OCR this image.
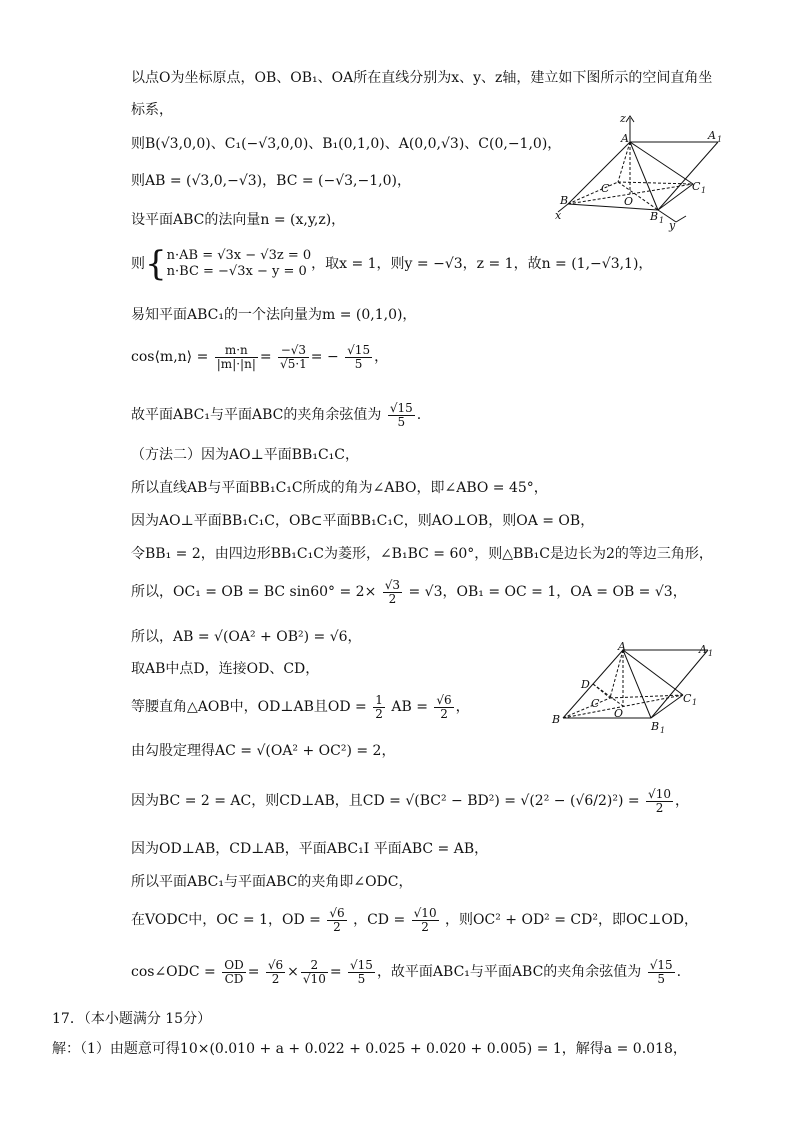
以点O为坐标原点，OB、OB₁、OA所在直线分别为x、y、z轴，建立如下图所示的空间直角坐
标系，
则B(√3,0,0)、C₁(−√3,0,0)、B₁(0,1,0)、A(0,0,√3)、C(0,−1,0)，
则AB = (√3,0,−√3)，BC = (−√3,−1,0)，
设平面ABC的法向量n = (x,y,z)，
则{ n·AB = √3x − √3z = 0
n·BC = −√3x − y = 0 ，取x = 1，则y = −√3，z = 1，故n = (1,−√3,1)，
易知平面ABC₁的一个法向量为m = (0,1,0)，
cos⟨m,n⟩ = $\frac{m\cdot n}{|m|\cdot|n|} = \frac{-√3}{√5\cdot 1}$ = − $\frac{√15}{5}$ ，
故平面ABC₁与平面ABC的夹角余弦值为 $\frac{√15}{5}$ .
（方法二）因为AO⊥平面BB₁C₁C，
所以直线AB与平面BB₁C₁C所成的角为∠ABO，即∠ABO = 45°，
因为AO⊥平面BB₁C₁C，OB⊂平面BB₁C₁C，则AO⊥OB，则OA = OB，
令BB₁ = 2，由四边形BB₁C₁C为菱形，∠B₁BC = 60°，则△BB₁C是边长为2的等边三角形，
所以，OC₁ = OB = BC $\sin 60^\circ = 2\times \frac{√3}{2} = √3$，OB₁ = OC = 1，OA = OB = √3，
所以，AB = √(OA² + OB²) = √6，
取AB中点D，连接OD、CD，
等腰直角△AOB中，OD⊥AB且OD = $\frac{1}{2}$ AB = $\frac{√6}{2}$ ，
由勾股定理得AC = √(OA² + OC²) = 2，
因为BC = 2 = AC，则CD⊥AB，且CD = $√(BC^2 - BD^2) = √(2^2 - (√6/2)^2) = \frac{√10}{2}$ ，
因为OD⊥AB，CD⊥AB，平面ABC₁I 平面ABC = AB，
所以平面ABC₁与平面ABC的夹角即∠ODC，
在VODC中，OC = 1，OD = $\frac{√6}{2}$ ，CD = $\frac{√10}{2}$ ，则OC² + OD² = CD²，即OC⊥OD，
cos∠ODC = $\frac{OD}{CD} = \frac{√6}{2} \times \frac{2}{√10} = \frac{√15}{5}$ ，故平面ABC₁与平面ABC的夹角余弦值为 $\frac{√15}{5}$ .
17．（本小题满分 15分）
解：（1）由题意可得10×(0.010 + a + 0.022 + 0.025 + 0.020 + 0.005) = 1，解得a = 0.018，
z
A	A 1
C	C 1
O
B
B 1
x
y
A	A 1
D
C	C 1
O
B
B 1
